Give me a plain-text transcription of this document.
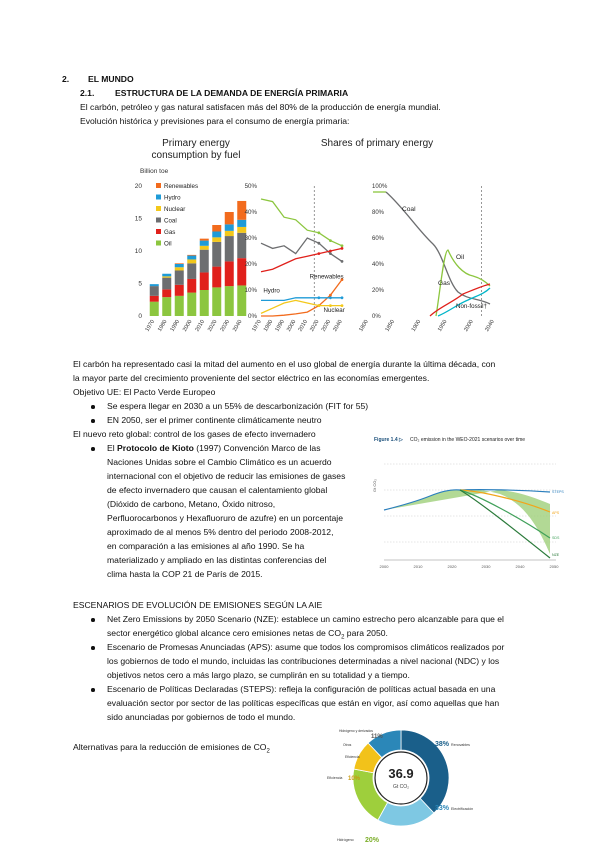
2. EL MUNDO
2.1. ESTRUCTURA DE LA DEMANDA DE ENERGÍA PRIMARIA
El carbón, petróleo y gas natural satisfacen más del 80% de la producción de energía mundial.
Evolución histórica y previsiones para el consumo de energía primaria:
Primary energy
consumption by fuel
Shares of primary energy
Billion toe
0
5
10
15
20
1970 1980 1990 2000 2010 2020 2030 2040
Renewables
Hydro
Nuclear
Coal
Gas
Oil
0%
10%
20%
30%
40%
50%
1970 1980 1990 2000 2010 2020 2030 2040
Renewables
Hydro
Nuclear
0%
20%
40%
60%
80%
100%
1800	1850	1900	1950	2000 2040
Coal
Oil
Gas
Non-fossil†
El carbón ha representado casi la mitad del aumento en el uso global de energía durante la última década, con
la mayor parte del crecimiento proveniente del sector eléctrico en las economías emergentes.
Objetivo UE: El Pacto Verde Europeo
Se espera llegar en 2030 a un 55% de descarbonización (FIT for 55)
EN 2050, ser el primer continente climáticamente neutro
El nuevo reto global: control de los gases de efecto invernadero
El Protocolo de Kioto (1997) Convención Marco de las
Naciones Unidas sobre el Cambio Climático es un acuerdo
internacional con el objetivo de reducir las emisiones de gases
de efecto invernadero que causan el calentamiento global
(Dióxido de carbono, Metano, Óxido nitroso,
Perfluorocarbonos y Hexafluoruro de azufre) en un porcentaje
aproximado de al menos 5% dentro del periodo 2008-2012,
en comparación a las emisiones al año 1990. Se ha
materializado y ampliado en las distintas conferencias del
clima hasta la COP 21 de París de 2015.
Figure 1.4 ▷ CO₂ emission in the WEO-2021 scenarios over time
Gt CO₂	STEPS
APS
SDS
NZE
2000	2010	2020	2030	2040	2050
ESCENARIOS DE EVOLUCIÓN DE EMISIONES SEGÚN LA AIE
Net Zero Emissions by 2050 Scenario (NZE): establece un camino estrecho pero alcanzable para que el
sector energético global alcance cero emisiones netas de $CO_2$ para 2050.
Escenario de Promesas Anunciadas (APS): asume que todos los compromisos climáticos realizados por
los gobiernos de todo el mundo, incluidas las contribuciones determinadas a nivel nacional (NDC) y los
objetivos netos cero a más largo plazo, se cumplirán en su totalidad y a tiempo.
Escenario de Políticas Declaradas (STEPS): refleja la configuración de políticas actual basada en una
evaluación sector por sector de las políticas específicas que están en vigor, así como aquellas que han
sido anunciadas por gobiernos de todo el mundo.
Alternativas para la reducción de emisiones de $CO_2$
36.9
Gt CO₂
38% Renovables
33% Electrificación
20%
Hidrógeno
10%
Eficiencia
11%
Hidrógeno y derivados
Otros
Eficiencia
